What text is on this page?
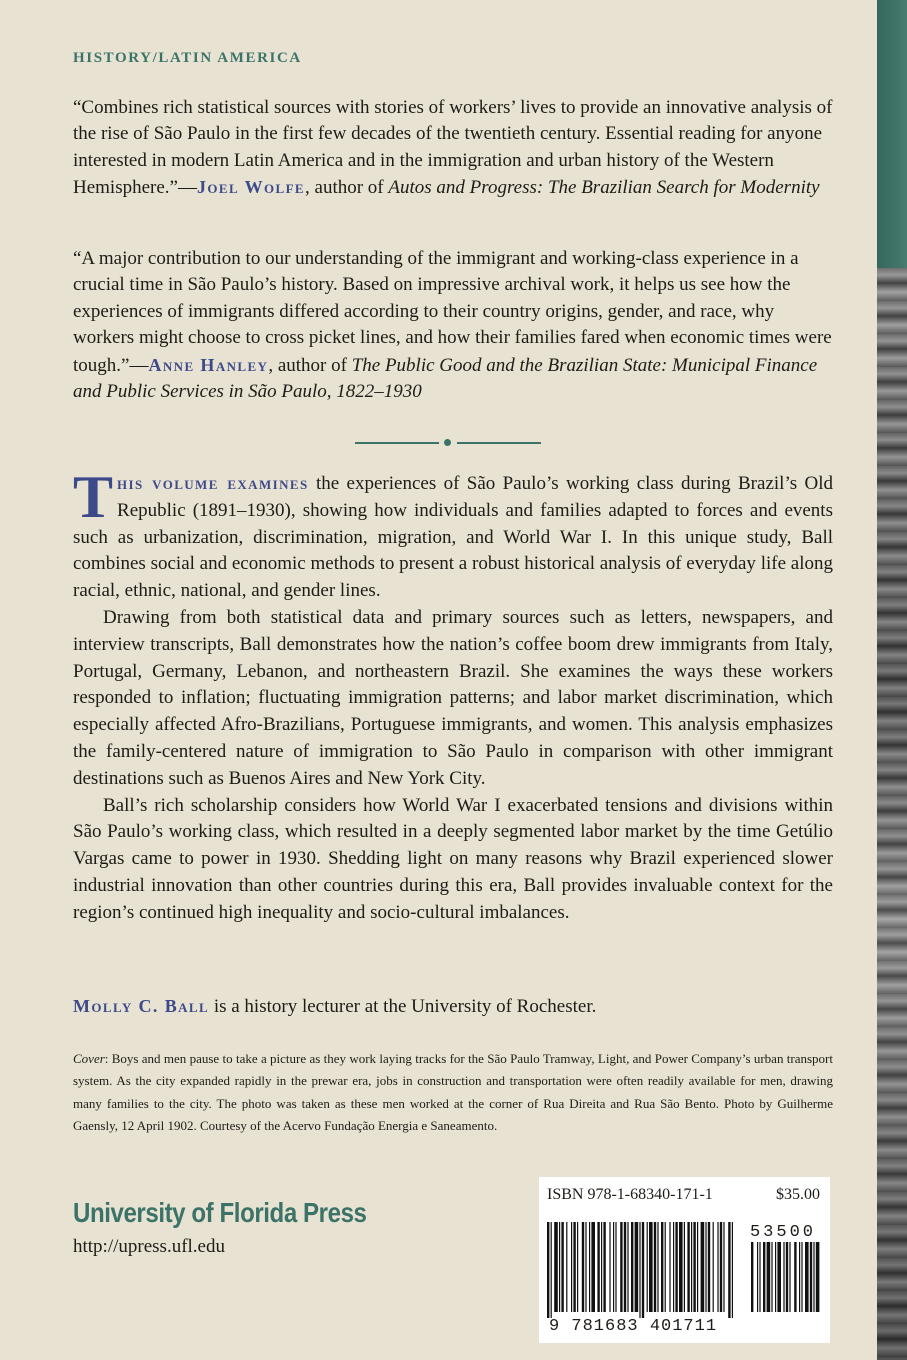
HISTORY/LATIN AMERICA

“Combines rich statistical sources with stories of workers’ lives to provide an innovative analysis of the rise of São Paulo in the first few decades of the twentieth century. Essential reading for anyone interested in modern Latin America and in the immigration and urban history of the Western Hemisphere.”—Joel Wolfe, author of Autos and Progress: The Brazilian Search for Modernity

“A major contribution to our understanding of the immigrant and working-class experience in a crucial time in São Paulo’s history. Based on impressive archival work, it helps us see how the experiences of immigrants differed according to their country origins, gender, and race, why workers might choose to cross picket lines, and how their families fared when economic times were tough.”—Anne Hanley, author of The Public Good and the Brazilian State: Municipal Finance and Public Services in São Paulo, 1822–1930

This volume examines the experiences of São Paulo’s working class during Brazil’s Old Republic (1891–1930), showing how individuals and families adapted to forces and events such as urbanization, discrimination, migration, and World War I. In this unique study, Ball combines social and economic methods to present a robust historical analysis of everyday life along racial, ethnic, national, and gender lines.

Drawing from both statistical data and primary sources such as letters, newspapers, and interview transcripts, Ball demonstrates how the nation’s coffee boom drew immigrants from Italy, Portugal, Germany, Lebanon, and northeastern Brazil. She examines the ways these workers responded to inflation; fluctuating immigration patterns; and labor market discrimination, which especially affected Afro-Brazilians, Portuguese immigrants, and women. This analysis emphasizes the family-centered nature of immigration to São Paulo in comparison with other immigrant destinations such as Buenos Aires and New York City.

Ball’s rich scholarship considers how World War I exacerbated tensions and divisions within São Paulo’s working class, which resulted in a deeply segmented labor market by the time Getúlio Vargas came to power in 1930. Shedding light on many reasons why Brazil experienced slower industrial innovation than other countries during this era, Ball provides invaluable context for the region’s continued high inequality and socio-cultural imbalances.

Molly C. Ball is a history lecturer at the University of Rochester.

Cover: Boys and men pause to take a picture as they work laying tracks for the São Paulo Tramway, Light, and Power Company’s urban transport system. As the city expanded rapidly in the prewar era, jobs in construction and transportation were often readily available for men, drawing many families to the city. The photo was taken as these men worked at the corner of Rua Direita and Rua São Bento. Photo by Guilherme Gaensly, 12 April 1902. Courtesy of the Acervo Fundação Energia e Saneamento.

University of Florida Press
http://upress.ufl.edu
ISBN 978-1-68340-171-1	$35.00
53500
9 781683 401711
